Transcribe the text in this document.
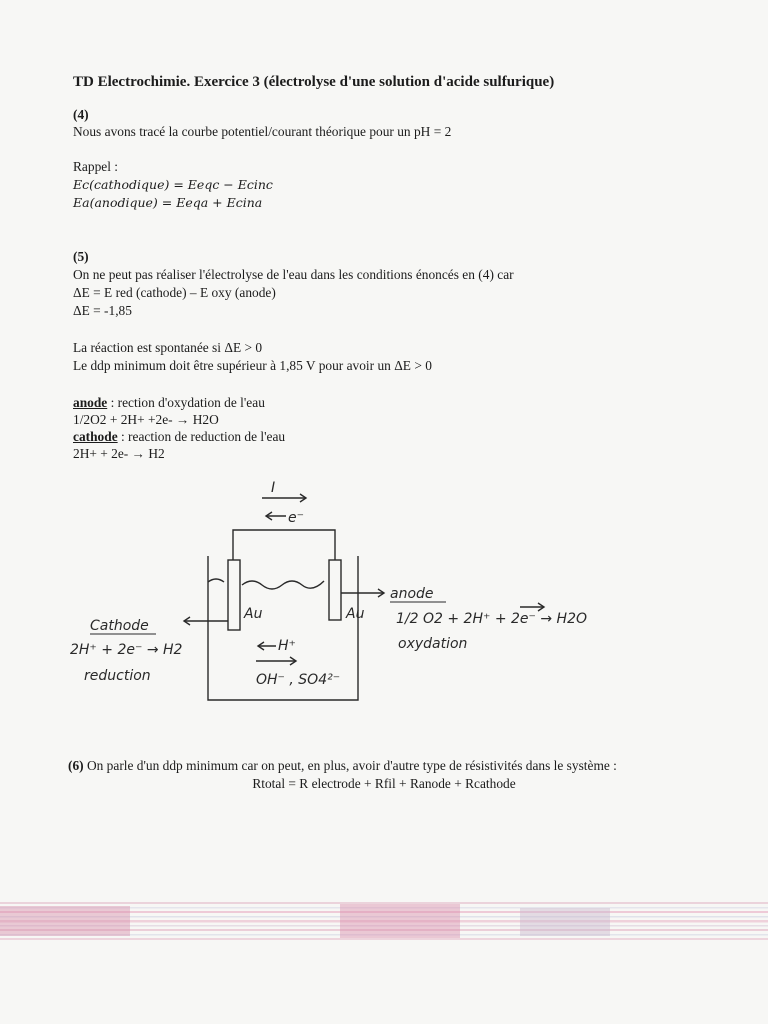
TD Electrochimie. Exercice 3 (électrolyse d'une solution d'acide sulfurique)
(4)
Nous avons tracé la courbe potentiel/courant théorique pour un pH = 2
Rappel :
Ec(cathodique) = Eeqc − Ecinc
Ea(anodique) = Eeqa + Ecina
(5)
On ne peut pas réaliser l'électrolyse de l'eau dans les conditions énoncés en (4) car
ΔE = E red (cathode) – E oxy (anode)
ΔE = -1,85
La réaction est spontanée si ΔE > 0
Le ddp minimum doit être supérieur à 1,85 V pour avoir un ΔE > 0
anode : rection d'oxydation de l'eau
1/2O2 + 2H+ +2e- → H2O
cathode : reaction de reduction de l'eau
2H+ + 2e- → H2
I
e⁻
Au	Au
anode
1/2 O2 + 2H⁺ + 2e⁻ → H2O
oxydation
Cathode
2H⁺ + 2e⁻ → H2
reduction
H⁺
OH⁻ , SO4²⁻
(6) On parle d'un ddp minimum car on peut, en plus, avoir d'autre type de résistivités dans le système :
Rtotal = R electrode + Rfil + Ranode + Rcathode
